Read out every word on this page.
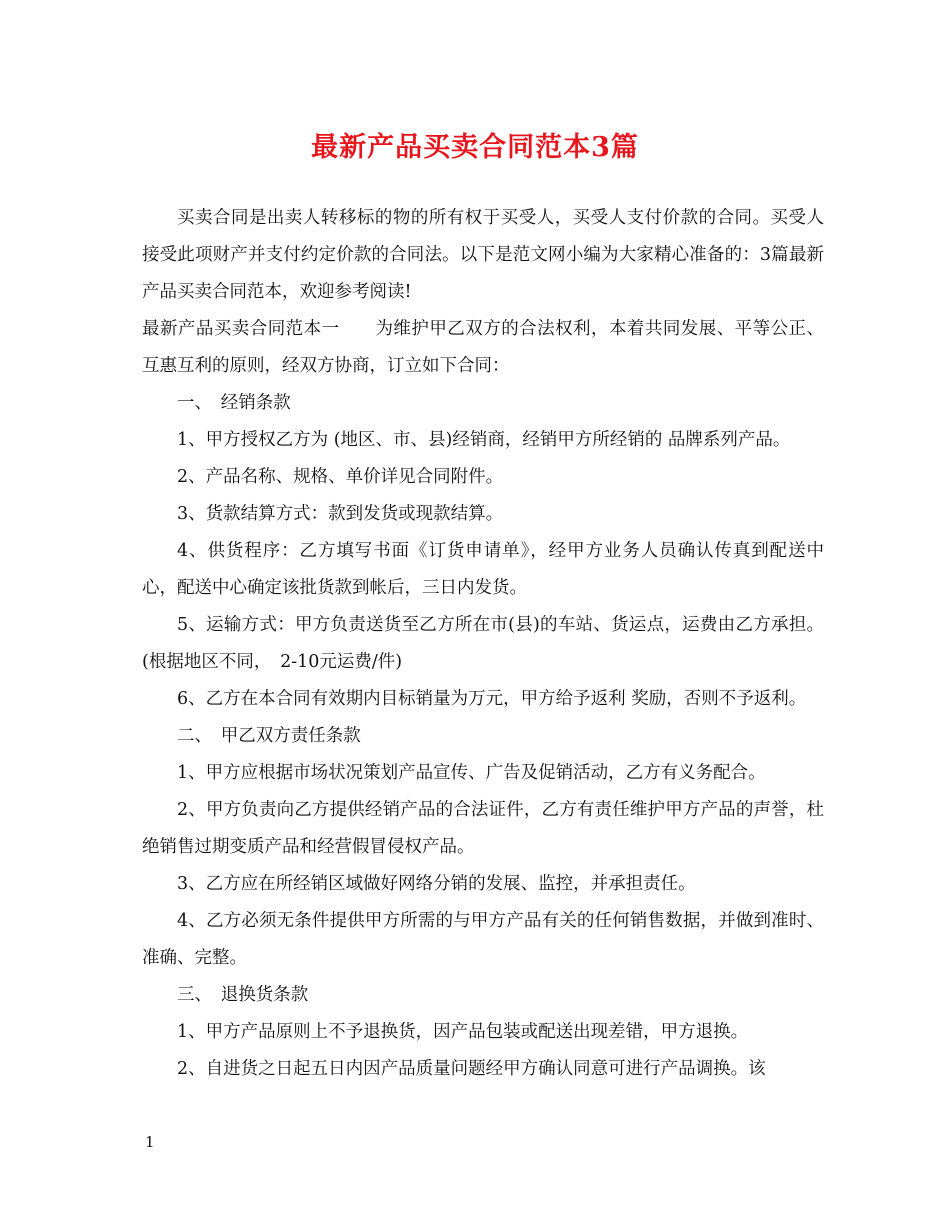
最新产品买卖合同范本3篇

买卖合同是出卖人转移标的物的所有权于买受人，买受人支付价款的合同。买受人接受此项财产并支付约定价款的合同法。以下是范文网小编为大家精心准备的：3篇最新产品买卖合同范本，欢迎参考阅读!

最新产品买卖合同范本一　　为维护甲乙双方的合法权利，本着共同发展、平等公正、互惠互利的原则，经双方协商，订立如下合同：

一、　经销条款

1、甲方授权乙方为 (地区、市、县)经销商，经销甲方所经销的 品牌系列产品。

2、产品名称、规格、单价详见合同附件。

3、货款结算方式：款到发货或现款结算。

4、供货程序：乙方填写书面《订货申请单》，经甲方业务人员确认传真到配送中心，配送中心确定该批货款到帐后，三日内发货。

5、运输方式：甲方负责送货至乙方所在市(县)的车站、货运点，运费由乙方承担。(根据地区不同，　2-10元运费/件)

6、乙方在本合同有效期内目标销量为万元，甲方给予返利 奖励，否则不予返利。

二、　甲乙双方责任条款

1、甲方应根据市场状况策划产品宣传、广告及促销活动，乙方有义务配合。

2、甲方负责向乙方提供经销产品的合法证件，乙方有责任维护甲方产品的声誉，杜绝销售过期变质产品和经营假冒侵权产品。

3、乙方应在所经销区域做好网络分销的发展、监控，并承担责任。

4、乙方必须无条件提供甲方所需的与甲方产品有关的任何销售数据，并做到准时、准确、完整。

三、　退换货条款

1、甲方产品原则上不予退换货，因产品包装或配送出现差错，甲方退换。

2、自进货之日起五日内因产品质量问题经甲方确认同意可进行产品调换。该

1
